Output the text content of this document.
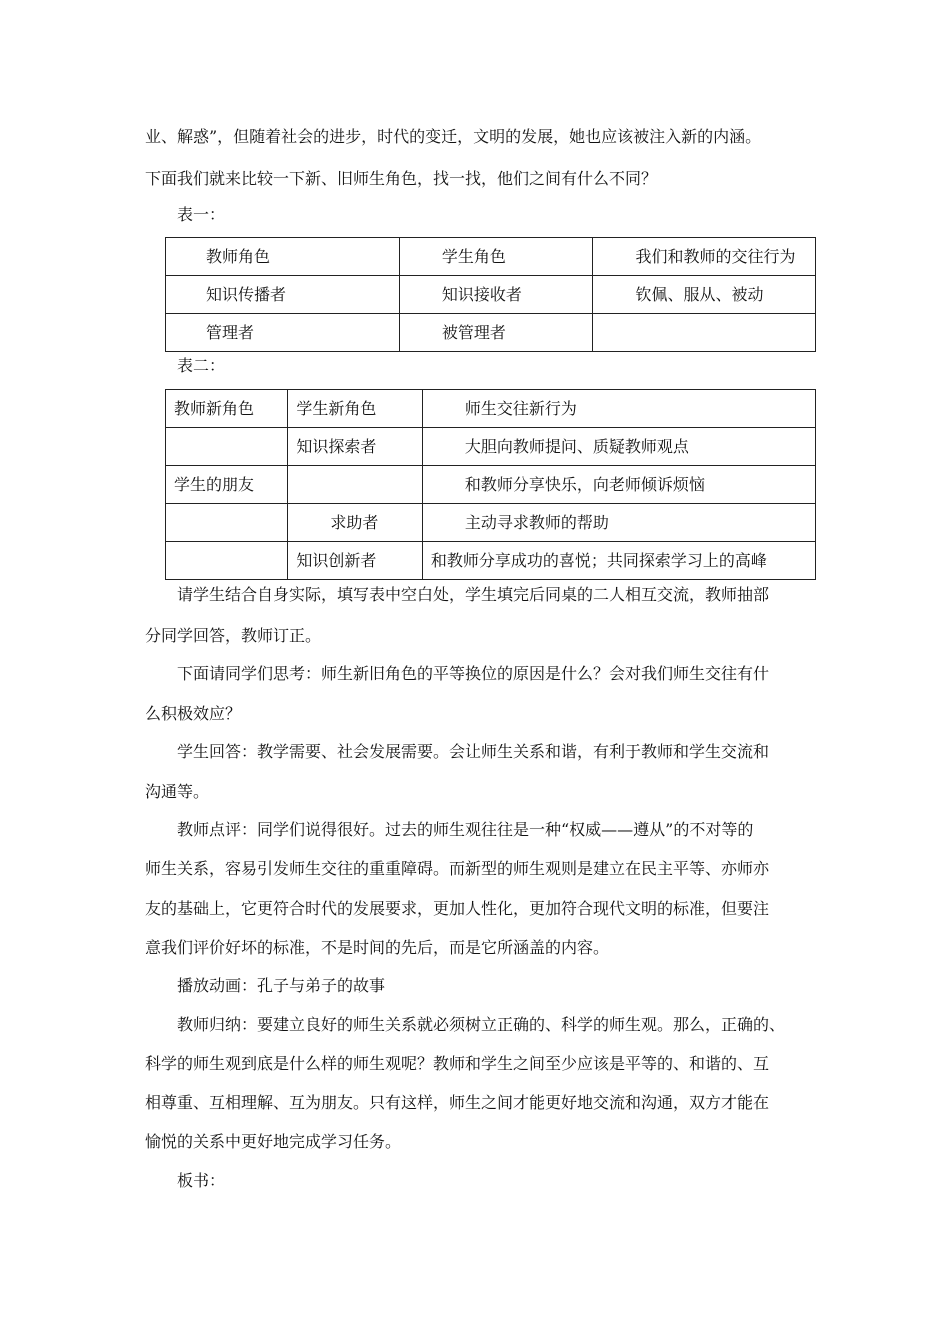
业、解惑”，但随着社会的进步，时代的变迁，文明的发展，她也应该被注入新的内涵。
下面我们就来比较一下新、旧师生角色，找一找，他们之间有什么不同？
表一：
教师角色	学生角色	我们和教师的交往行为

知识传播者	知识接收者	钦佩、服从、被动

管理者	被管理者	

表二：
教师新角色	学生新角色	师生交往新行为

	知识探索者	大胆向教师提问、质疑教师观点

学生的朋友		和教师分享快乐，向老师倾诉烦恼

	求助者	主动寻求教师的帮助

	知识创新者	和教师分享成功的喜悦；共同探索学习上的高峰
请学生结合自身实际，填写表中空白处，学生填完后同桌的二人相互交流，教师抽部
分同学回答，教师订正。
下面请同学们思考：师生新旧角色的平等换位的原因是什么？会对我们师生交往有什
么积极效应？
学生回答：教学需要、社会发展需要。会让师生关系和谐，有利于教师和学生交流和
沟通等。
教师点评：同学们说得很好。过去的师生观往往是一种“权威——遵从”的不对等的
师生关系，容易引发师生交往的重重障碍。而新型的师生观则是建立在民主平等、亦师亦
友的基础上，它更符合时代的发展要求，更加人性化，更加符合现代文明的标准，但要注
意我们评价好坏的标准，不是时间的先后，而是它所涵盖的内容。
播放动画：孔子与弟子的故事
教师归纳：要建立良好的师生关系就必须树立正确的、科学的师生观。那么，正确的、
科学的师生观到底是什么样的师生观呢？教师和学生之间至少应该是平等的、和谐的、互
相尊重、互相理解、互为朋友。只有这样，师生之间才能更好地交流和沟通，双方才能在
愉悦的关系中更好地完成学习任务。
板书：
